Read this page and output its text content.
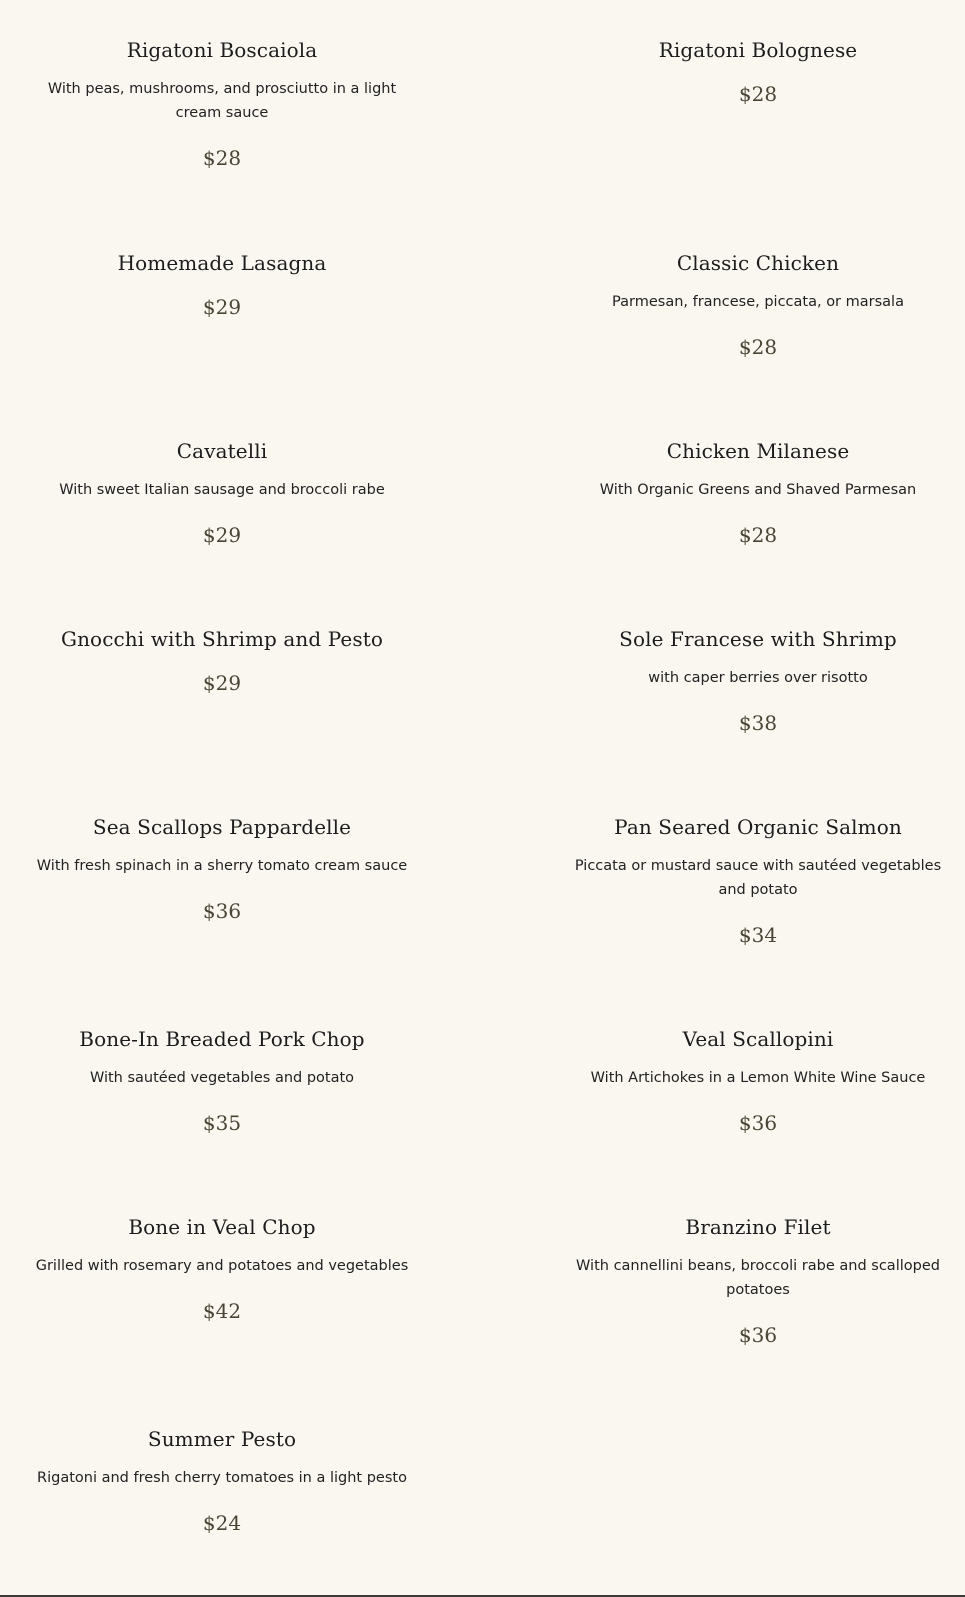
Rigatoni Boscaiola
With peas, mushrooms, and prosciutto in a light cream sauce
$28
Rigatoni Bolognese
$28
Homemade Lasagna
$29
Classic Chicken
Parmesan, francese, piccata, or marsala
$28
Cavatelli
With sweet Italian sausage and broccoli rabe
$29
Chicken Milanese
With Organic Greens and Shaved Parmesan
$28
Gnocchi with Shrimp and Pesto
$29
Sole Francese with Shrimp
with caper berries over risotto
$38
Sea Scallops Pappardelle
With fresh spinach in a sherry tomato cream sauce
$36
Pan Seared Organic Salmon
Piccata or mustard sauce with sautéed vegetables and potato
$34
Bone-In Breaded Pork Chop
With sautéed vegetables and potato
$35
Veal Scallopini
With Artichokes in a Lemon White Wine Sauce
$36
Bone in Veal Chop
Grilled with rosemary and potatoes and vegetables
$42
Branzino Filet
With cannellini beans, broccoli rabe and scalloped potatoes
$36
Summer Pesto
Rigatoni and fresh cherry tomatoes in a light pesto
$24
